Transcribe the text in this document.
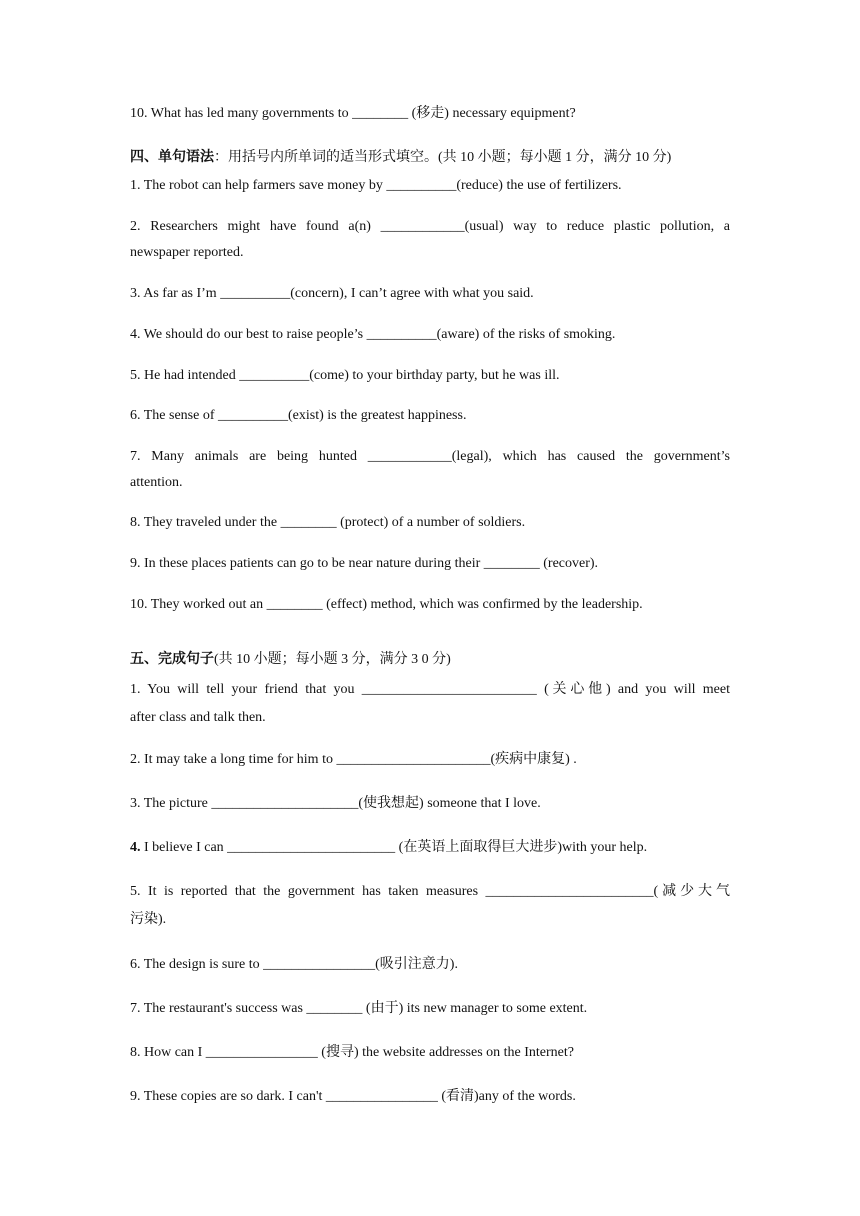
10. What has led many governments to ________ (移走) necessary equipment?
四、单句语法：用括号内所单词的适当形式填空。(共 10 小题；每小题 1 分，满分 10 分)
1. The robot can help farmers save money by __________(reduce) the use of fertilizers.
2. Researchers might have found a(n) ____________(usual) way to reduce plastic pollution, a
newspaper reported.
3. As far as I’m __________(concern), I can’t agree with what you said.
4. We should do our best to raise people’s __________(aware) of the risks of smoking.
5. He had intended __________(come) to your birthday party, but he was ill.
6. The sense of __________(exist) is the greatest happiness.
7. Many animals are being hunted ____________(legal), which has caused the government’s
attention.
8. They traveled under the ________ (protect) of a number of soldiers.
9. In these places patients can go to be near nature during their ________ (recover).
10. They worked out an ________ (effect) method, which was confirmed by the leadership.
五、完成句子(共 10 小题；每小题 3 分，满分 3 0 分)
1. You will tell your friend that you _________________________ (关心他) and you will meet
after class and talk then.
2. It may take a long time for him to ______________________(疾病中康复) .
3. The picture _____________________(使我想起) someone that I love.
4. I believe I can ________________________ (在英语上面取得巨大进步)with your help.
5. It is reported that the government has taken measures ________________________(减少大气
污染).
6. The design is sure to ________________(吸引注意力).
7. The restaurant's success was ________ (由于) its new manager to some extent.
8. How can I ________________ (搜寻) the website addresses on the Internet?
9. These copies are so dark. I can't ________________ (看清)any of the words.
